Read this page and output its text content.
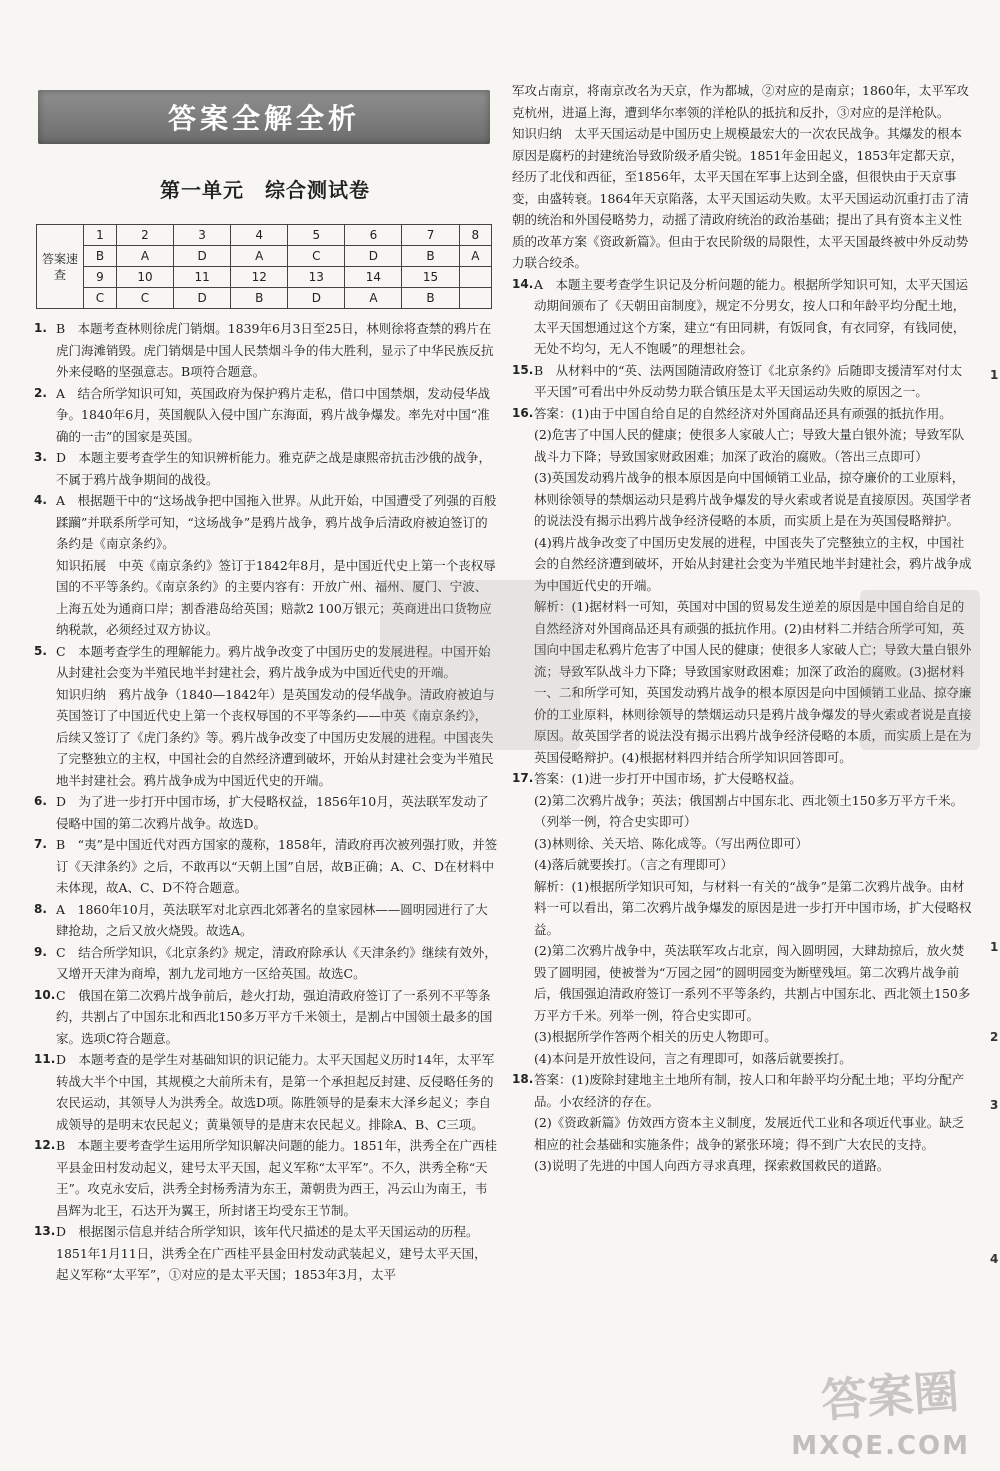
答案全解全析
第一单元　综合测试卷
答案速查	1	2	3	4	5	6	7	8
	B	A	D	A	C	D	B	A
	9	10	11	12	13	14	15	
	C	C	D	B	D	A	B	
1. B　本题考查林则徐虎门销烟。1839年6月3日至25日，林则徐将查禁的鸦片在虎门海滩销毁。虎门销烟是中国人民禁烟斗争的伟大胜利，显示了中华民族反抗外来侵略的坚强意志。B项符合题意。
2. A　结合所学知识可知，英国政府为保护鸦片走私，借口中国禁烟，发动侵华战争。1840年6月，英国舰队入侵中国广东海面，鸦片战争爆发。率先对中国“准确的一击”的国家是英国。
3. D　本题主要考查学生的知识辨析能力。雅克萨之战是康熙帝抗击沙俄的战争，不属于鸦片战争期间的战役。
4. A　根据题干中的“这场战争把中国拖入世界。从此开始，中国遭受了列强的百般蹂躏”并联系所学可知，“这场战争”是鸦片战争，鸦片战争后清政府被迫签订的条约是《南京条约》。
知识拓展　中英《南京条约》签订于1842年8月，是中国近代史上第一个丧权辱国的不平等条约。《南京条约》的主要内容有：开放广州、福州、厦门、宁波、上海五处为通商口岸；割香港岛给英国；赔款2 100万银元；英商进出口货物应纳税款，必须经过双方协议。
5. C　本题考查学生的理解能力。鸦片战争改变了中国历史的发展进程。中国开始从封建社会变为半殖民地半封建社会，鸦片战争成为中国近代史的开端。
知识归纳　鸦片战争（1840—1842年）是英国发动的侵华战争。清政府被迫与英国签订了中国近代史上第一个丧权辱国的不平等条约——中英《南京条约》，后续又签订了《虎门条约》等。鸦片战争改变了中国历史发展的进程。中国丧失了完整独立的主权，中国社会的自然经济遭到破坏，开始从封建社会变为半殖民地半封建社会。鸦片战争成为中国近代史的开端。
6. D　为了进一步打开中国市场，扩大侵略权益，1856年10月，英法联军发动了侵略中国的第二次鸦片战争。故选D。
7. B　“夷”是中国近代对西方国家的蔑称，1858年，清政府再次被列强打败，并签订《天津条约》之后，不敢再以“天朝上国”自居，故B正确；A、C、D在材料中未体现，故A、C、D不符合题意。
8. A　1860年10月，英法联军对北京西北郊著名的皇家园林——圆明园进行了大肆抢劫，之后又放火烧毁。故选A。
9. C　结合所学知识，《北京条约》规定，清政府除承认《天津条约》继续有效外，又增开天津为商埠，割九龙司地方一区给英国。故选C。
10. C　俄国在第二次鸦片战争前后，趁火打劫，强迫清政府签订了一系列不平等条约，共割占了中国东北和西北150多万平方千米领土，是割占中国领土最多的国家。选项C符合题意。
11. D　本题考查的是学生对基础知识的识记能力。太平天国起义历时14年，太平军转战大半个中国，其规模之大前所未有，是第一个承担起反封建、反侵略任务的农民运动，其领导人为洪秀全。故选D项。陈胜领导的是秦末大泽乡起义；李自成领导的是明末农民起义；黄巢领导的是唐末农民起义。排除A、B、C三项。
12. B　本题主要考查学生运用所学知识解决问题的能力。1851年，洪秀全在广西桂平县金田村发动起义，建号太平天国，起义军称“太平军”。不久，洪秀全称“天王”。攻克永安后，洪秀全封杨秀清为东王，萧朝贵为西王，冯云山为南王，韦昌辉为北王，石达开为翼王，所封诸王均受东王节制。
13. D　根据图示信息并结合所学知识，该年代尺描述的是太平天国运动的历程。1851年1月11日，洪秀全在广西桂平县金田村发动武装起义，建号太平天国，起义军称“太平军”，①对应的是太平天国；1853年3月，太平
军攻占南京，将南京改名为天京，作为都城，②对应的是南京；1860年，太平军攻克杭州，进逼上海，遭到华尔率领的洋枪队的抵抗和反扑，③对应的是洋枪队。
知识归纳　太平天国运动是中国历史上规模最宏大的一次农民战争。其爆发的根本原因是腐朽的封建统治导致阶级矛盾尖锐。1851年金田起义，1853年定都天京，经历了北伐和西征，至1856年，太平天国在军事上达到全盛，但很快由于天京事变，由盛转衰。1864年天京陷落，太平天国运动失败。太平天国运动沉重打击了清朝的统治和外国侵略势力，动摇了清政府统治的政治基础；提出了具有资本主义性质的改革方案《资政新篇》。但由于农民阶级的局限性，太平天国最终被中外反动势力联合绞杀。
14. A　本题主要考查学生识记及分析问题的能力。根据所学知识可知，太平天国运动期间颁布了《天朝田亩制度》，规定不分男女，按人口和年龄平均分配土地，太平天国想通过这个方案，建立“有田同耕，有饭同食，有衣同穿，有钱同使，无处不均匀，无人不饱暖”的理想社会。
15. B　从材料中的“英、法两国随清政府签订《北京条约》后随即支援清军对付太平天国”可看出中外反动势力联合镇压是太平天国运动失败的原因之一。
16. 答案：(1)由于中国自给自足的自然经济对外国商品还具有顽强的抵抗作用。
(2)危害了中国人民的健康；使很多人家破人亡；导致大量白银外流；导致军队战斗力下降；导致国家财政困难；加深了政治的腐败。（答出三点即可）
(3)英国发动鸦片战争的根本原因是向中国倾销工业品，掠夺廉价的工业原料，林则徐领导的禁烟运动只是鸦片战争爆发的导火索或者说是直接原因。英国学者的说法没有揭示出鸦片战争经济侵略的本质，而实质上是在为英国侵略辩护。
(4)鸦片战争改变了中国历史发展的进程，中国丧失了完整独立的主权，中国社会的自然经济遭到破坏，开始从封建社会变为半殖民地半封建社会，鸦片战争成为中国近代史的开端。
解析：(1)据材料一可知，英国对中国的贸易发生逆差的原因是中国自给自足的自然经济对外国商品还具有顽强的抵抗作用。(2)由材料二并结合所学可知，英国向中国走私鸦片危害了中国人民的健康；使很多人家破人亡；导致大量白银外流；导致军队战斗力下降；导致国家财政困难；加深了政治的腐败。(3)据材料一、二和所学可知，英国发动鸦片战争的根本原因是向中国倾销工业品、掠夺廉价的工业原料，林则徐领导的禁烟运动只是鸦片战争爆发的导火索或者说是直接原因。故英国学者的说法没有揭示出鸦片战争经济侵略的本质，而实质上是在为英国侵略辩护。(4)根据材料四并结合所学知识回答即可。
17. 答案：(1)进一步打开中国市场，扩大侵略权益。
(2)第二次鸦片战争；英法；俄国割占中国东北、西北领土150多万平方千米。（列举一例，符合史实即可）
(3)林则徐、关天培、陈化成等。（写出两位即可）
(4)落后就要挨打。（言之有理即可）
解析：(1)根据所学知识可知，与材料一有关的“战争”是第二次鸦片战争。由材料一可以看出，第二次鸦片战争爆发的原因是进一步打开中国市场，扩大侵略权益。
(2)第二次鸦片战争中，英法联军攻占北京，闯入圆明园，大肆劫掠后，放火焚毁了圆明园，使被誉为“万园之园”的圆明园变为断壁残垣。第二次鸦片战争前后，俄国强迫清政府签订一系列不平等条约，共割占中国东北、西北领土150多万平方千米。列举一例，符合史实即可。
(3)根据所学作答两个相关的历史人物即可。
(4)本问是开放性设问，言之有理即可，如落后就要挨打。
18. 答案：(1)废除封建地主土地所有制，按人口和年龄平均分配土地；平均分配产品。小农经济的存在。
(2)《资政新篇》仿效西方资本主义制度，发展近代工业和各项近代事业。缺乏相应的社会基础和实施条件；战争的紧张环境；得不到广大农民的支持。
(3)说明了先进的中国人向西方寻求真理，探索救国救民的道路。
1
1
2
3
4
答案圈
MXQE.COM
